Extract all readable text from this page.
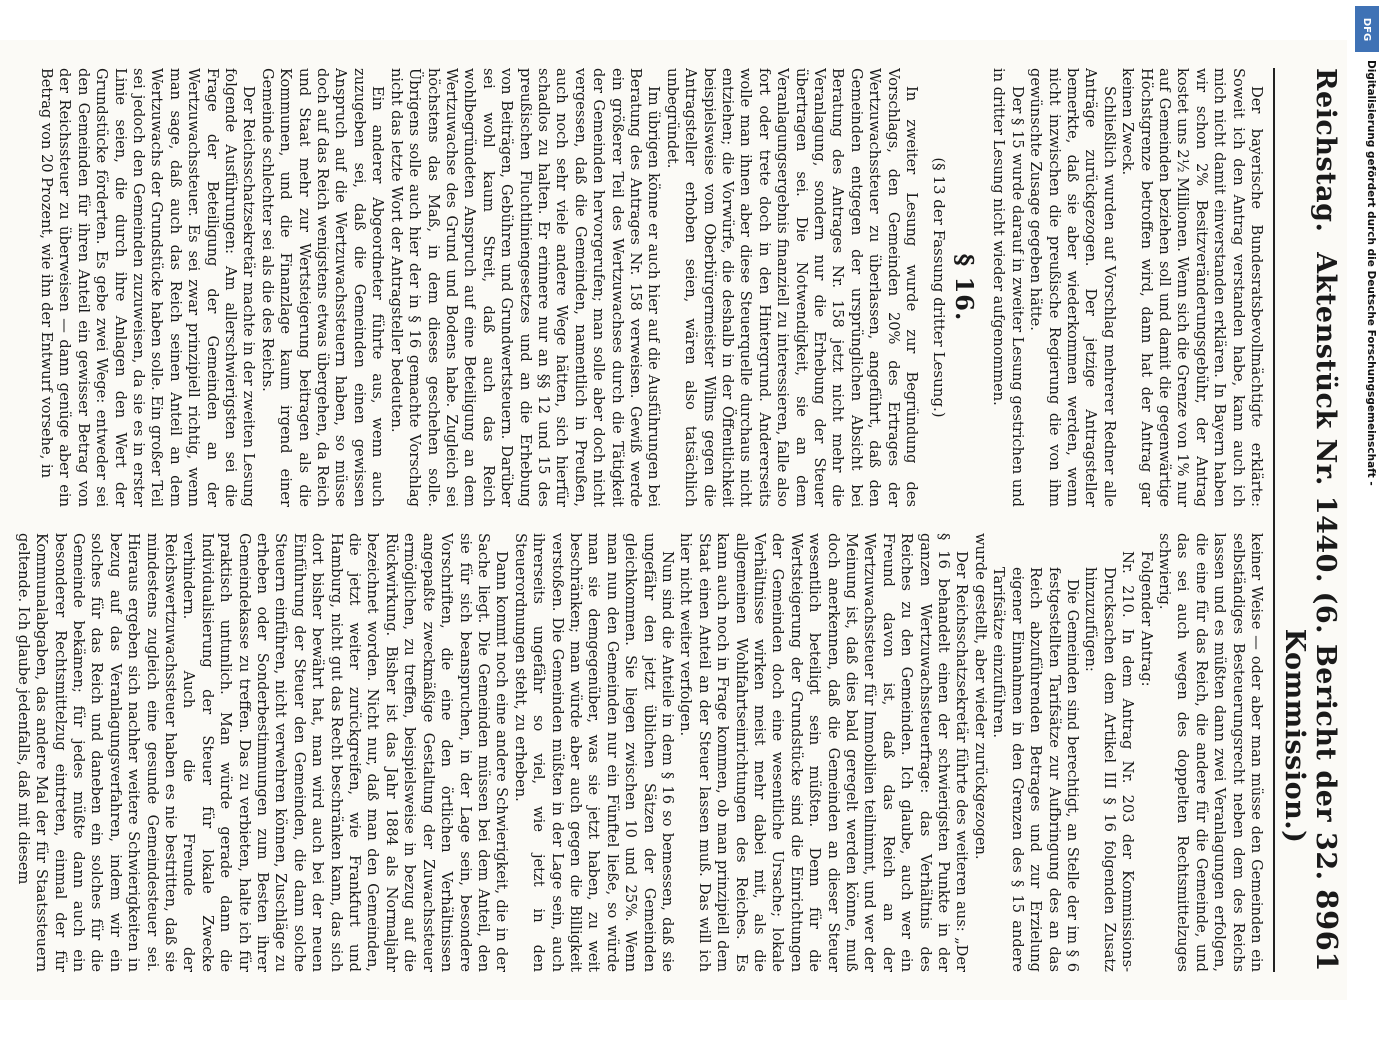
Reichstag. Aktenstück Nr. 1440.
(6. Bericht der 32. Kommission.)
8961

Der bayerische Bundesratsbevollmächtigte erklärte: Soweit ich den Antrag verstanden habe, kann auch ich mich nicht damit einverstanden erklären. In Bayern haben wir schon 2% Besitzveränderungsgebühr, der Antrag kostet uns 2½ Millionen. Wenn sich die Grenze von 1% nur auf Gemeinden beziehen soll und damit die gegenwärtige Höchstgrenze betroffen wird, dann hat der Antrag gar keinen Zweck.

Schließlich wurden auf Vorschlag mehrerer Redner alle Anträge zurückgezogen. Der jetzige Antragsteller bemerkte, daß sie aber wiederkommen werden, wenn nicht inzwischen die preußische Regierung die von ihm gewünschte Zusage gegeben hätte.

Der § 15 wurde darauf in zweiter Lesung gestrichen und in dritter Lesung nicht wieder aufgenommen.

§ 16.
(§ 13 der Fassung dritter Lesung.)

In zweiter Lesung wurde zur Begründung des Vorschlags, den Gemeinden 20% des Ertrages der Wertzuwachssteuer zu überlassen, angeführt, daß den Gemeinden entgegen der ursprünglichen Absicht bei Beratung des Antrages Nr. 158 jetzt nicht mehr die Veranlagung, sondern nur die Erhebung der Steuer übertragen sei. Die Notwendigkeit, sie an dem Veranlagungsergebnis finanziell zu interessieren, falle also fort oder trete doch in den Hintergrund. Andererseits wolle man ihnen aber diese Steuerquelle durchaus nicht entziehen; die Vorwürfe, die deshalb in der Öffentlichkeit beispielsweise vom Oberbürgermeister Wilms gegen die Antragsteller erhoben seien, wären also tatsächlich unbegründet.

Im übrigen könne er auch hier auf die Ausführungen bei Beratung des Antrages Nr. 158 verweisen. Gewiß werde ein größerer Teil des Wertzuwachses durch die Tätigkeit der Gemeinden hervorgerufen; man solle aber doch nicht vergessen, daß die Gemeinden, namentlich in Preußen, auch noch sehr viele andere Wege hätten, sich hierfür schadlos zu halten. Er erinnere nur an §§ 12 und 15 des preußischen Fluchtliniengesetzes und an die Erhebung von Beiträgen, Gebühren und Grundwertsteuern. Darüber sei wohl kaum Streit, daß auch das Reich wohlbegründeten Anspruch auf eine Beteiligung an dem Wertzuwachse des Grund und Bodens habe. Zugleich sei höchstens das Maß, in dem dieses geschehen solle. Übrigens solle auch hier der in § 16 gemachte Vorschlag nicht das letzte Wort der Antragsteller bedeuten.

Ein anderer Abgeordneter führte aus, wenn auch zuzugeben sei, daß die Gemeinden einen gewissen Anspruch auf die Wertzuwachssteuern haben, so müsse doch auf das Reich wenigstens etwas übergehen, da Reich und Staat mehr zur Wertsteigerung beitragen als die Kommunen, und die Finanzlage kaum irgend einer Gemeinde schlechter sei als die des Reichs.

Der Reichsschatzsekretär machte in der zweiten Lesung folgende Ausführungen: Am allerschwierigsten sei die Frage der Beteiligung der Gemeinden an der Wertzuwachssteuer. Es sei zwar prinzipiell richtig, wenn man sage, daß auch das Reich seinen Anteil an dem Wertzuwachs der Grundstücke haben solle. Ein großer Teil sei jedoch den Gemeinden zuzuweisen, da sie es in erster Linie seien, die durch ihre Anlagen den Wert der Grundstücke förderten. Es gebe zwei Wege: entweder sei den Gemeinden für ihren Anteil ein gewisser Betrag von der Reichssteuer zu überweisen — dann genüge aber ein Betrag von 20 Prozent, wie ihn der Entwurf vorsehe, in

keiner Weise — oder aber man müsse den Gemeinden ein selbständiges Besteuerungsrecht neben dem des Reichs lassen und es müßten dann zwei Veranlagungen erfolgen, die eine für das Reich, die andere für die Gemeinde, und das sei auch wegen des doppelten Rechtsmittelzuges schwierig.

Folgender Antrag:

Nr. 210. In dem Antrag Nr. 203 der Kommissions-Drucksachen dem Artikel III § 16 folgenden Zusatz hinzuzufügen:

Die Gemeinden sind berechtigt, an Stelle der im § 6 festgestellten Tarifsätze zur Aufbringung des an das Reich abzuführenden Betrages und zur Erzielung eigener Einnahmen in den Grenzen des § 15 andere Tarifsätze einzuführen.

wurde gestellt, aber wieder zurückgezogen.

Der Reichsschatzsekretär führte des weiteren aus: „Der § 16 behandelt einen der schwierigsten Punkte in der ganzen Wertzuwachssteuerfrage: das Verhältnis des Reiches zu den Gemeinden. Ich glaube, auch wer ein Freund davon ist, daß das Reich an der Wertzuwachssteuer für Immobilien teilnimmt, und wer der Meinung ist, daß dies bald geregelt werden könne, muß doch anerkennen, daß die Gemeinden an dieser Steuer wesentlich beteiligt sein müßten. Denn für die Wertsteigerung der Grundstücke sind die Einrichtungen der Gemeinden doch eine wesentliche Ursache; lokale Verhältnisse wirken meist mehr dabei mit, als die allgemeinen Wohlfahrtseinrichtungen des Reiches. Es kann auch noch in Frage kommen, ob man prinzipiell dem Staat einen Anteil an der Steuer lassen muß. Das will ich hier nicht weiter verfolgen.

Nun sind die Anteile in dem § 16 so bemessen, daß sie ungefähr den jetzt üblichen Sätzen der Gemeinden gleichkommen. Sie liegen zwischen 10 und 25%. Wenn man nun den Gemeinden nur ein Fünftel ließe, so würde man sie demgegenüber, was sie jetzt haben, zu weit beschränken; man würde aber auch gegen die Billigkeit verstoßen. Die Gemeinden müßten in der Lage sein, auch ihrerseits ungefähr so viel, wie jetzt in den Steuerordnungen steht, zu erheben.

Dann kommt noch eine andere Schwierigkeit, die in der Sache liegt. Die Gemeinden müssen bei dem Anteil, den sie für sich beanspruchen, in der Lage sein, besondere Vorschriften, die eine den örtlichen Verhältnissen angepaßte zweckmäßige Gestaltung der Zuwachssteuer ermöglichen, zu treffen, beispielsweise in bezug auf die Rückwirkung. Bisher ist das Jahr 1884 als Normaljahr bezeichnet worden. Nicht nur, daß man den Gemeinden, die jetzt weiter zurückgreifen, wie Frankfurt und Hamburg, nicht gut das Recht beschränken kann, das sich dort bisher bewährt hat, man wird auch bei der neuen Einführung der Steuer den Gemeinden, die dann solche Steuern einführen, nicht verwehren können, Zuschläge zu erheben oder Sonderbestimmungen zum Besten ihrer Gemeindekasse zu treffen. Das zu verbieten, halte ich für praktisch untunlich. Man würde gerade dann die Individualisierung der Steuer für lokale Zwecke verhindern. Auch die Freunde der Reichswertzuwachssteuer haben es nie bestritten, daß sie mindestens zugleich eine gesunde Gemeindesteuer sei. Hieraus ergeben sich nachher weitere Schwierigkeiten in bezug auf das Veranlagungsverfahren, indem wir ein solches für das Reich und daneben ein solches für die Gemeinde bekämen; für jedes müßte dann auch ein besonderer Rechtsmittelzug eintreten, einmal der für Kommunalabgaben, das andere Mal der für Staatssteuern geltende. Ich glaube jedenfalls, daß mit diesem

DFG
Digitalisierung gefördert durch die Deutsche Forschungsgemeinschaft -
